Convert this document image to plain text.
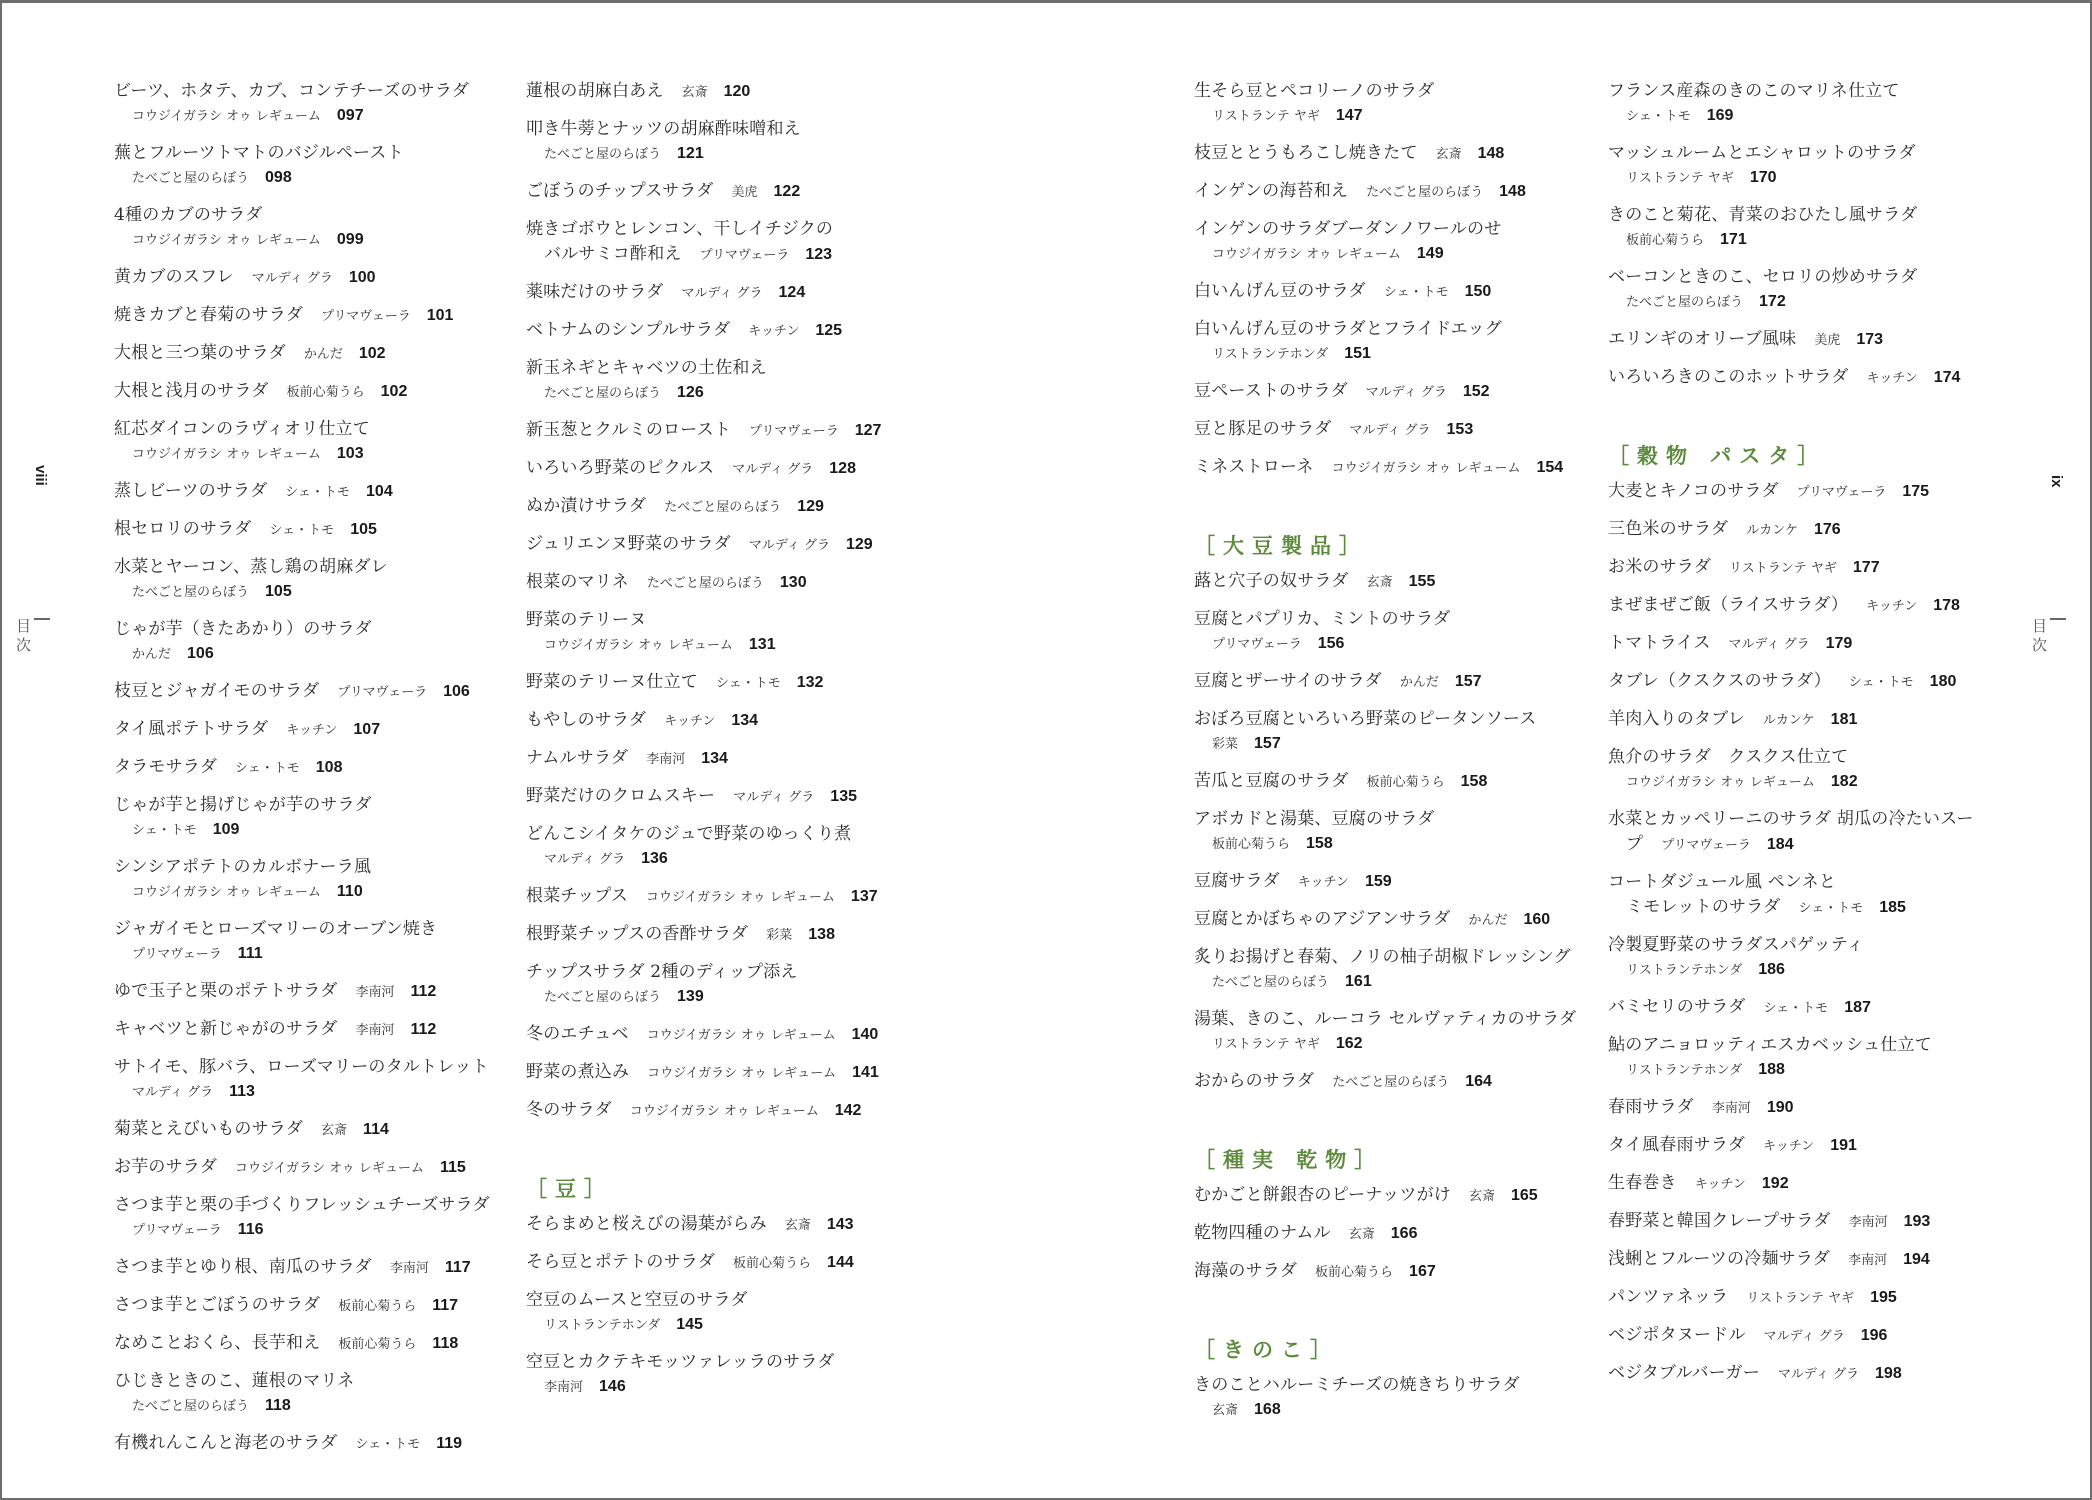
viii
目次
ix
目次
ビーツ、ホタテ、カブ、コンテチーズのサラダ
コウジイガラシ オゥ レギューム 097
蕪とフルーツトマトのバジルペースト
たべごと屋のらぼう 098
4種のカブのサラダ
コウジイガラシ オゥ レギューム 099
黄カブのスフレ マルディ グラ 100
焼きカブと春菊のサラダ プリマヴェーラ 101
大根と三つ葉のサラダ かんだ 102
大根と浅月のサラダ 板前心菊うら 102
紅芯ダイコンのラヴィオリ仕立て
コウジイガラシ オゥ レギューム 103
蒸しビーツのサラダ シェ・トモ 104
根セロリのサラダ シェ・トモ 105
水菜とヤーコン、蒸し鶏の胡麻ダレ
たべごと屋のらぼう 105
じゃが芋（きたあかり）のサラダ
かんだ 106
枝豆とジャガイモのサラダ プリマヴェーラ 106
タイ風ポテトサラダ キッチン 107
タラモサラダ シェ・トモ 108
じゃが芋と揚げじゃが芋のサラダ
シェ・トモ 109
シンシアポテトのカルボナーラ風
コウジイガラシ オゥ レギューム 110
ジャガイモとローズマリーのオーブン焼き
プリマヴェーラ 111
ゆで玉子と栗のポテトサラダ 李南河 112
キャベツと新じゃがのサラダ 李南河 112
サトイモ、豚バラ、ローズマリーのタルトレット
マルディ グラ 113
菊菜とえびいものサラダ 玄斎 114
お芋のサラダ コウジイガラシ オゥ レギューム 115
さつま芋と栗の手づくりフレッシュチーズサラダ
プリマヴェーラ 116
さつま芋とゆり根、南瓜のサラダ 李南河 117
さつま芋とごぼうのサラダ 板前心菊うら 117
なめことおくら、長芋和え 板前心菊うら 118
ひじきときのこ、蓮根のマリネ
たべごと屋のらぼう 118
有機れんこんと海老のサラダ シェ・トモ 119
蓮根の胡麻白あえ 玄斎 120
叩き牛蒡とナッツの胡麻酢味噌和え
たべごと屋のらぼう 121
ごぼうのチップスサラダ 美虎 122
焼きゴボウとレンコン、干しイチジクの
バルサミコ酢和え プリマヴェーラ 123
薬味だけのサラダ マルディ グラ 124
ベトナムのシンプルサラダ キッチン 125
新玉ネギとキャベツの土佐和え
たべごと屋のらぼう 126
新玉葱とクルミのロースト プリマヴェーラ 127
いろいろ野菜のピクルス マルディ グラ 128
ぬか漬けサラダ たべごと屋のらぼう 129
ジュリエンヌ野菜のサラダ マルディ グラ 129
根菜のマリネ たべごと屋のらぼう 130
野菜のテリーヌ
コウジイガラシ オゥ レギューム 131
野菜のテリーヌ仕立て シェ・トモ 132
もやしのサラダ キッチン 134
ナムルサラダ 李南河 134
野菜だけのクロムスキー マルディ グラ 135
どんこシイタケのジュで野菜のゆっくり煮
マルディ グラ 136
根菜チップス コウジイガラシ オゥ レギューム 137
根野菜チップスの香酢サラダ 彩菜 138
チップスサラダ 2種のディップ添え
たべごと屋のらぼう 139
冬のエチュベ コウジイガラシ オゥ レギューム 140
野菜の煮込み コウジイガラシ オゥ レギューム 141
冬のサラダ コウジイガラシ オゥ レギューム 142
［豆］
そらまめと桜えびの湯葉がらみ 玄斎 143
そら豆とポテトのサラダ 板前心菊うら 144
空豆のムースと空豆のサラダ
リストランテホンダ 145
空豆とカクテキモッツァレッラのサラダ
李南河 146
生そら豆とペコリーノのサラダ
リストランテ ヤギ 147
枝豆ととうもろこし焼きたて 玄斎 148
インゲンの海苔和え たべごと屋のらぼう 148
インゲンのサラダブーダンノワールのせ
コウジイガラシ オゥ レギューム 149
白いんげん豆のサラダ シェ・トモ 150
白いんげん豆のサラダとフライドエッグ
リストランテホンダ 151
豆ペーストのサラダ マルディ グラ 152
豆と豚足のサラダ マルディ グラ 153
ミネストローネ コウジイガラシ オゥ レギューム 154
［大豆製品］
蕗と穴子の奴サラダ 玄斎 155
豆腐とパプリカ、ミントのサラダ
プリマヴェーラ 156
豆腐とザーサイのサラダ かんだ 157
おぼろ豆腐といろいろ野菜のピータンソース
彩菜 157
苦瓜と豆腐のサラダ 板前心菊うら 158
アボカドと湯葉、豆腐のサラダ
板前心菊うら 158
豆腐サラダ キッチン 159
豆腐とかぼちゃのアジアンサラダ かんだ 160
炙りお揚げと春菊、ノリの柚子胡椒ドレッシング
たべごと屋のらぼう 161
湯葉、きのこ、ルーコラ セルヴァティカのサラダ
リストランテ ヤギ 162
おからのサラダ たべごと屋のらぼう 164
［種実 乾物］
むかごと餅銀杏のピーナッツがけ 玄斎 165
乾物四種のナムル 玄斎 166
海藻のサラダ 板前心菊うら 167
［きのこ］
きのことハルーミチーズの焼きちりサラダ
玄斎 168
フランス産森のきのこのマリネ仕立て
シェ・トモ 169
マッシュルームとエシャロットのサラダ
リストランテ ヤギ 170
きのこと菊花、青菜のおひたし風サラダ
板前心菊うら 171
ベーコンときのこ、セロリの炒めサラダ
たべごと屋のらぼう 172
エリンギのオリーブ風味 美虎 173
いろいろきのこのホットサラダ キッチン 174
［穀物 パスタ］
大麦とキノコのサラダ プリマヴェーラ 175
三色米のサラダ ルカンケ 176
お米のサラダ リストランテ ヤギ 177
まぜまぜご飯（ライスサラダ） キッチン 178
トマトライス マルディ グラ 179
タブレ（クスクスのサラダ） シェ・トモ 180
羊肉入りのタブレ ルカンケ 181
魚介のサラダ　クスクス仕立て
コウジイガラシ オゥ レギューム 182
水菜とカッペリーニのサラダ 胡瓜の冷たいスー
プ プリマヴェーラ 184
コートダジュール風 ペンネと
ミモレットのサラダ シェ・トモ 185
冷製夏野菜のサラダスパゲッティ
リストランテホンダ 186
バミセリのサラダ シェ・トモ 187
鮎のアニョロッティエスカベッシュ仕立て
リストランテホンダ 188
春雨サラダ 李南河 190
タイ風春雨サラダ キッチン 191
生春巻き キッチン 192
春野菜と韓国クレープサラダ 李南河 193
浅蜊とフルーツの冷麺サラダ 李南河 194
パンツァネッラ リストランテ ヤギ 195
ベジポタヌードル マルディ グラ 196
ベジタブルバーガー マルディ グラ 198
